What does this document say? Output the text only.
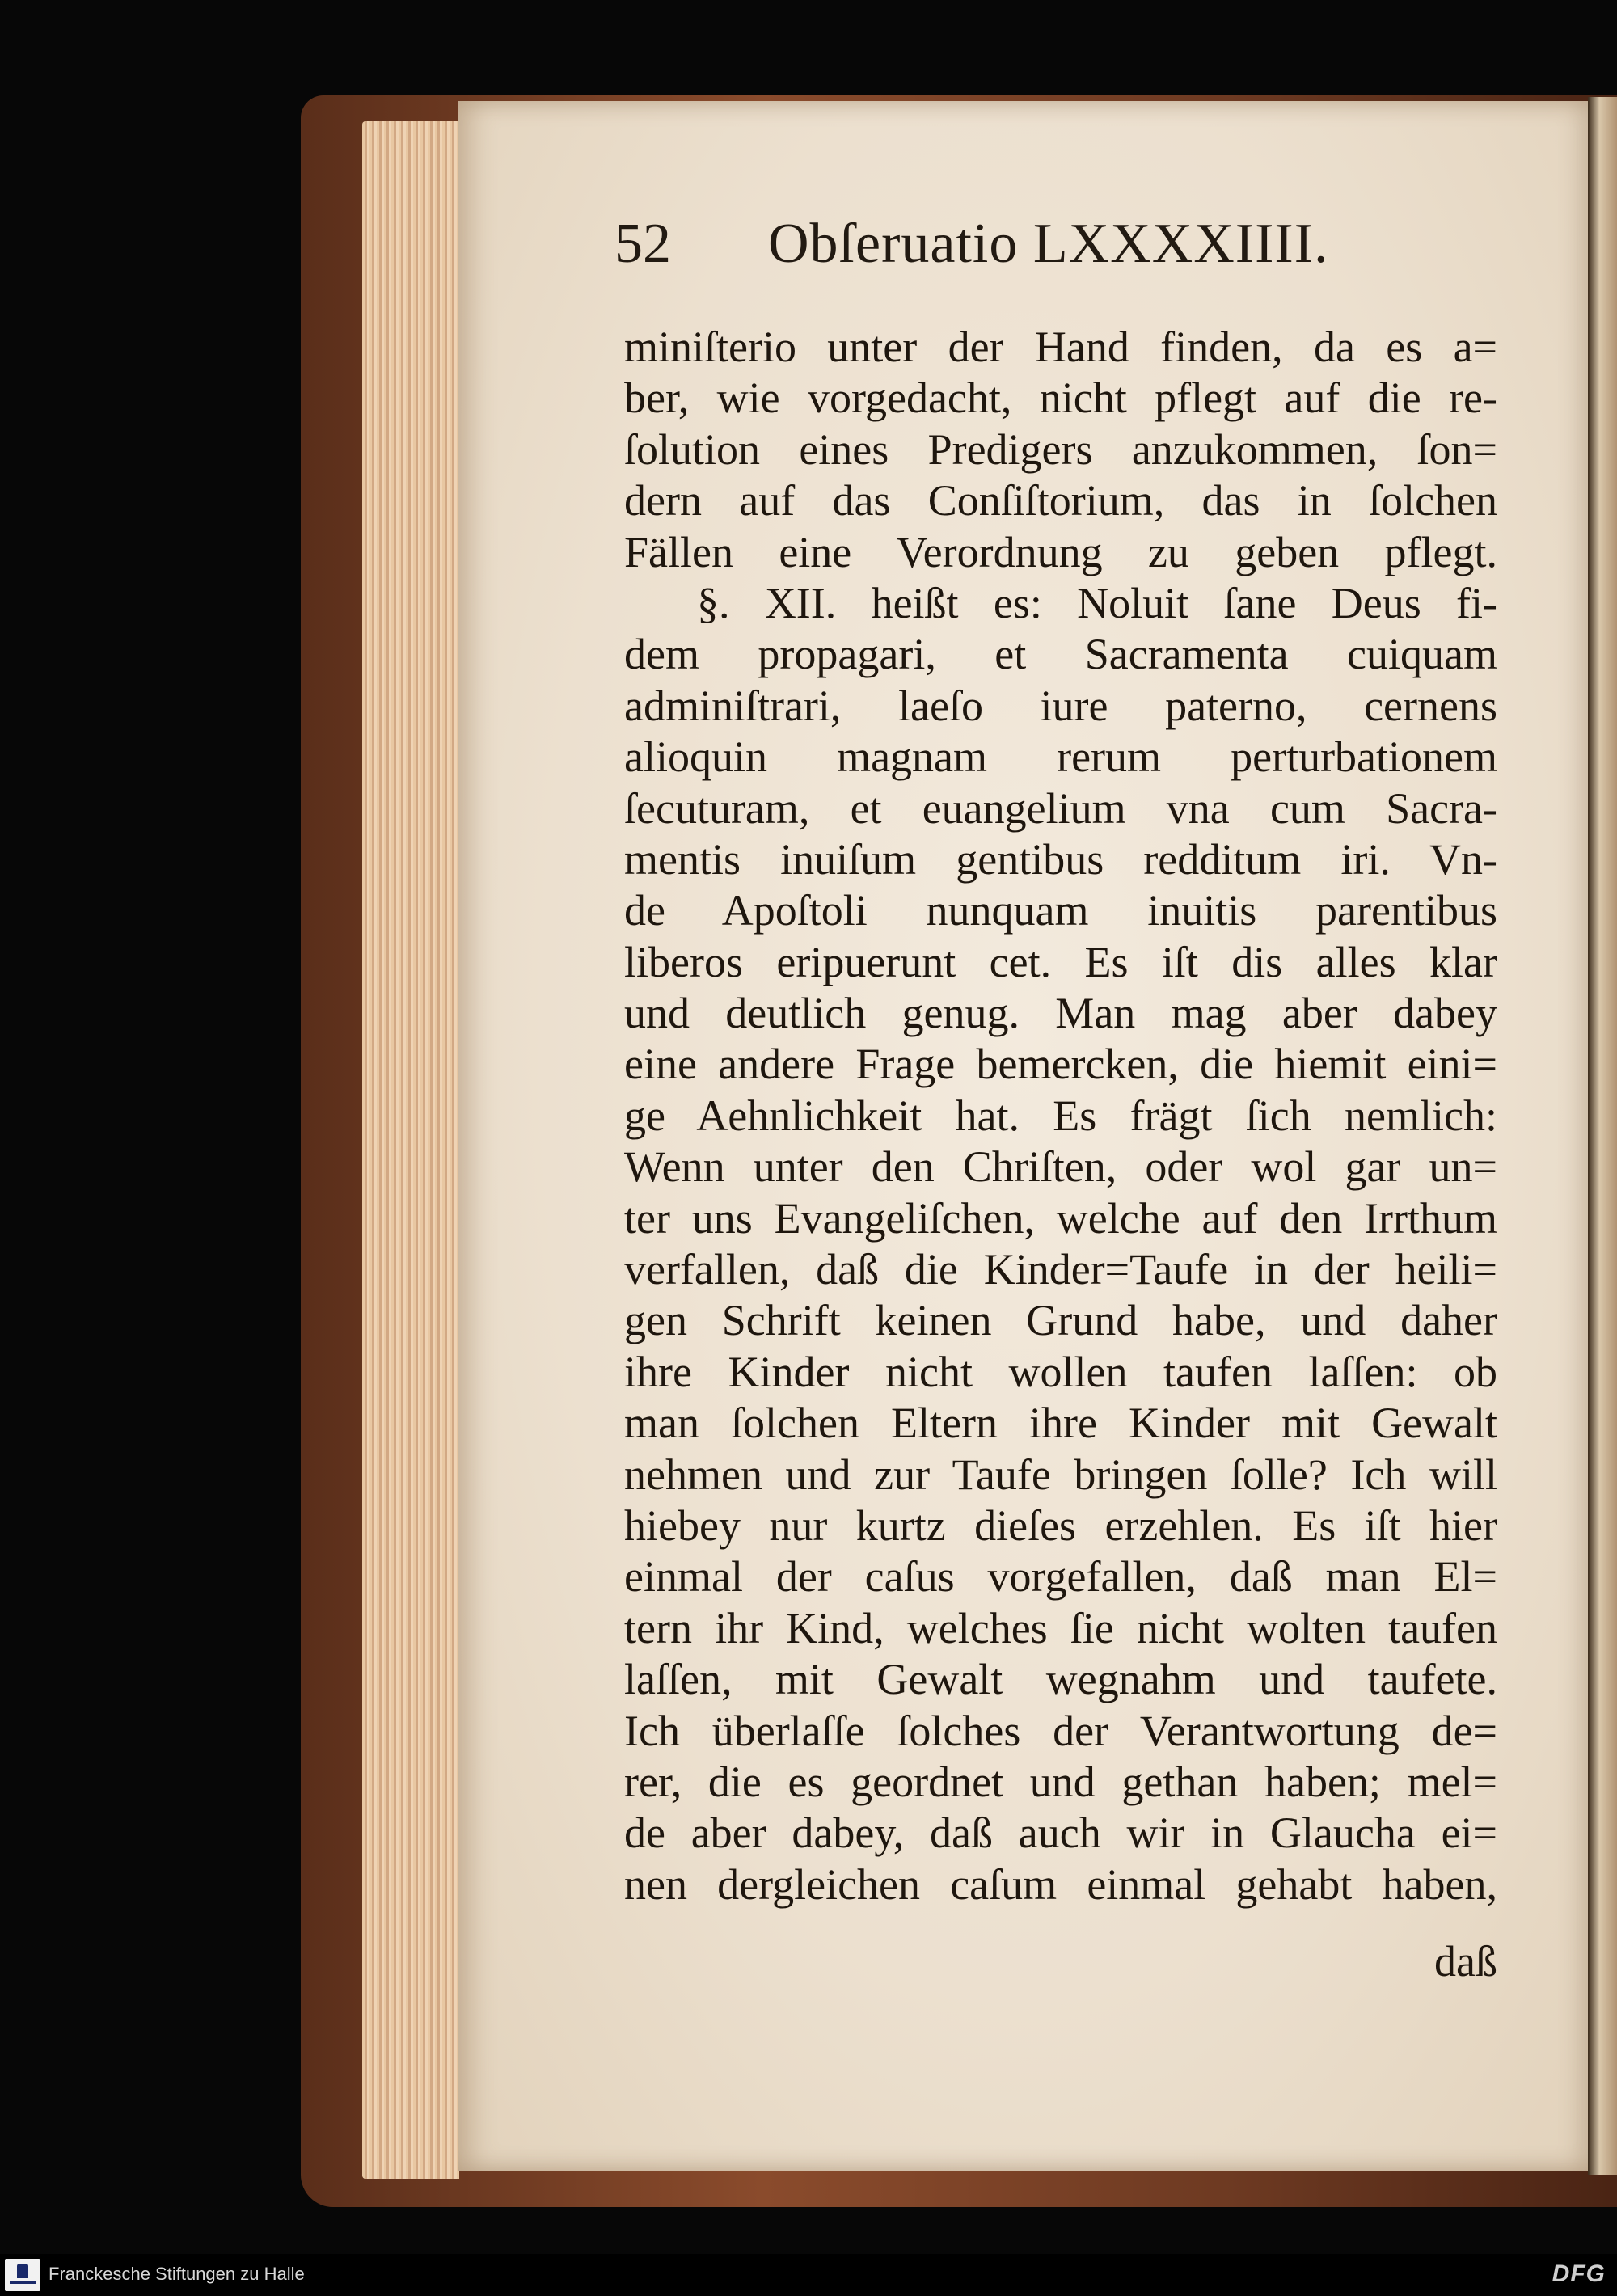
52 Obſeruatio LXXXXIIII.
miniſterio unter der Hand finden, da es a=
ber, wie vorgedacht, nicht pflegt auf die re-
ſolution eines Predigers anzukommen, ſon=
dern auf das Conſiſtorium, das in ſolchen
Fällen eine Verordnung zu geben pflegt.
§. XII. heißt es: Noluit ſane Deus fi-
dem propagari, et Sacramenta cuiquam
adminiſtrari, laeſo iure paterno, cernens
alioquin magnam rerum perturbationem
ſecuturam, et euangelium vna cum Sacra-
mentis inuiſum gentibus redditum iri. Vn-
de Apoſtoli nunquam inuitis parentibus
liberos eripuerunt cet. Es iſt dis alles klar
und deutlich genug. Man mag aber dabey
eine andere Frage bemercken, die hiemit eini=
ge Aehnlichkeit hat. Es frägt ſich nemlich:
Wenn unter den Chriſten, oder wol gar un=
ter uns Evangeliſchen, welche auf den Irrthum
verfallen, daß die Kinder=Taufe in der heili=
gen Schrift keinen Grund habe, und daher
ihre Kinder nicht wollen taufen laſſen: ob
man ſolchen Eltern ihre Kinder mit Gewalt
nehmen und zur Taufe bringen ſolle? Ich will
hiebey nur kurtz dieſes erzehlen. Es iſt hier
einmal der caſus vorgefallen, daß man El=
tern ihr Kind, welches ſie nicht wolten taufen
laſſen, mit Gewalt wegnahm und taufete.
Ich überlaſſe ſolches der Verantwortung de=
rer, die es geordnet und gethan haben; mel=
de aber dabey, daß auch wir in Glaucha ei=
nen dergleichen caſum einmal gehabt haben,
daß
Franckesche Stiftungen zu Halle	DFG
